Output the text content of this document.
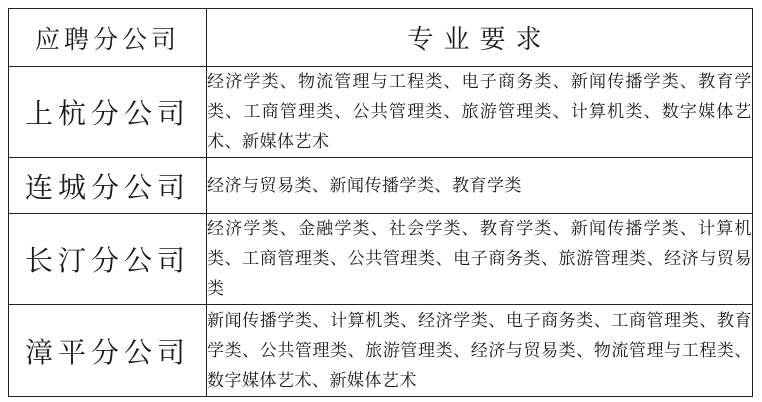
应聘分公司	专业要求
上杭分公司	经济学类、物流管理与工程类、电子商务类、新闻传播学类、教育学类、工商管理类、公共管理类、旅游管理类、计算机类、数字媒体艺术、新媒体艺术
连城分公司	经济与贸易类、新闻传播学类、教育学类
长汀分公司	经济学类、金融学类、社会学类、教育学类、新闻传播学类、计算机类、工商管理类、公共管理类、电子商务类、旅游管理类、经济与贸易类
漳平分公司	新闻传播学类、计算机类、经济学类、电子商务类、工商管理类、教育学类、公共管理类、旅游管理类、经济与贸易类、物流管理与工程类、数字媒体艺术、新媒体艺术
